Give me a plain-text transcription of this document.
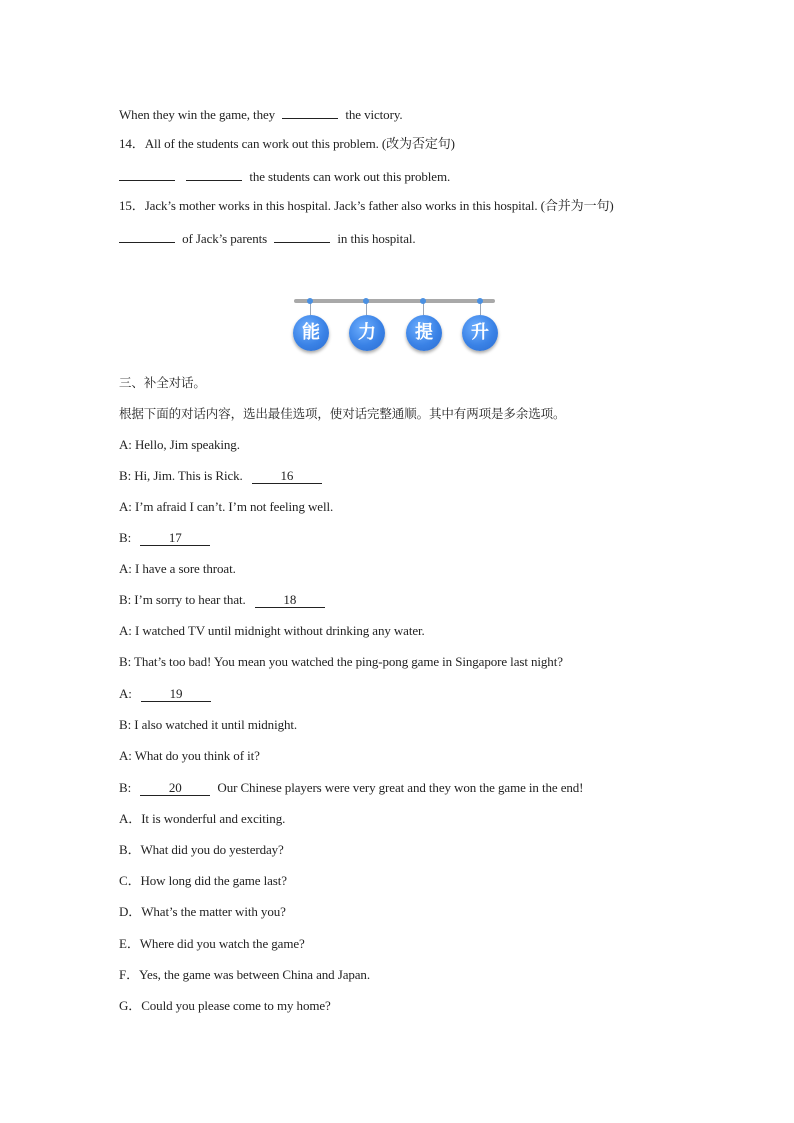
When they win the game, they	the victory.
14．All of the students can work out this problem. (改为否定句)
the students can work out this problem.
15．Jack’s mother works in this hospital. Jack’s father also works in this hospital. (合并为一句)
of Jack’s parents	in this hospital.
能	力	提	升
三、补全对话。
根据下面的对话内容，选出最佳选项，使对话完整通顺。其中有两项是多余选项。
A: Hello, Jim speaking.
B: Hi, Jim. This is Rick.	16
A: I’m afraid I can’t. I’m not feeling well.
B:	17
A: I have a sore throat.
B: I’m sorry to hear that.	18
A: I watched TV until midnight without drinking any water.
B: That’s too bad! You mean you watched the ping-pong game in Singapore last night?
A:	19
B: I also watched it until midnight.
A: What do you think of it?
B:	20	Our Chinese players were very great and they won the game in the end!
A．It is wonderful and exciting.
B．What did you do yesterday?
C．How long did the game last?
D．What’s the matter with you?
E．Where did you watch the game?
F．Yes, the game was between China and Japan.
G．Could you please come to my home?
